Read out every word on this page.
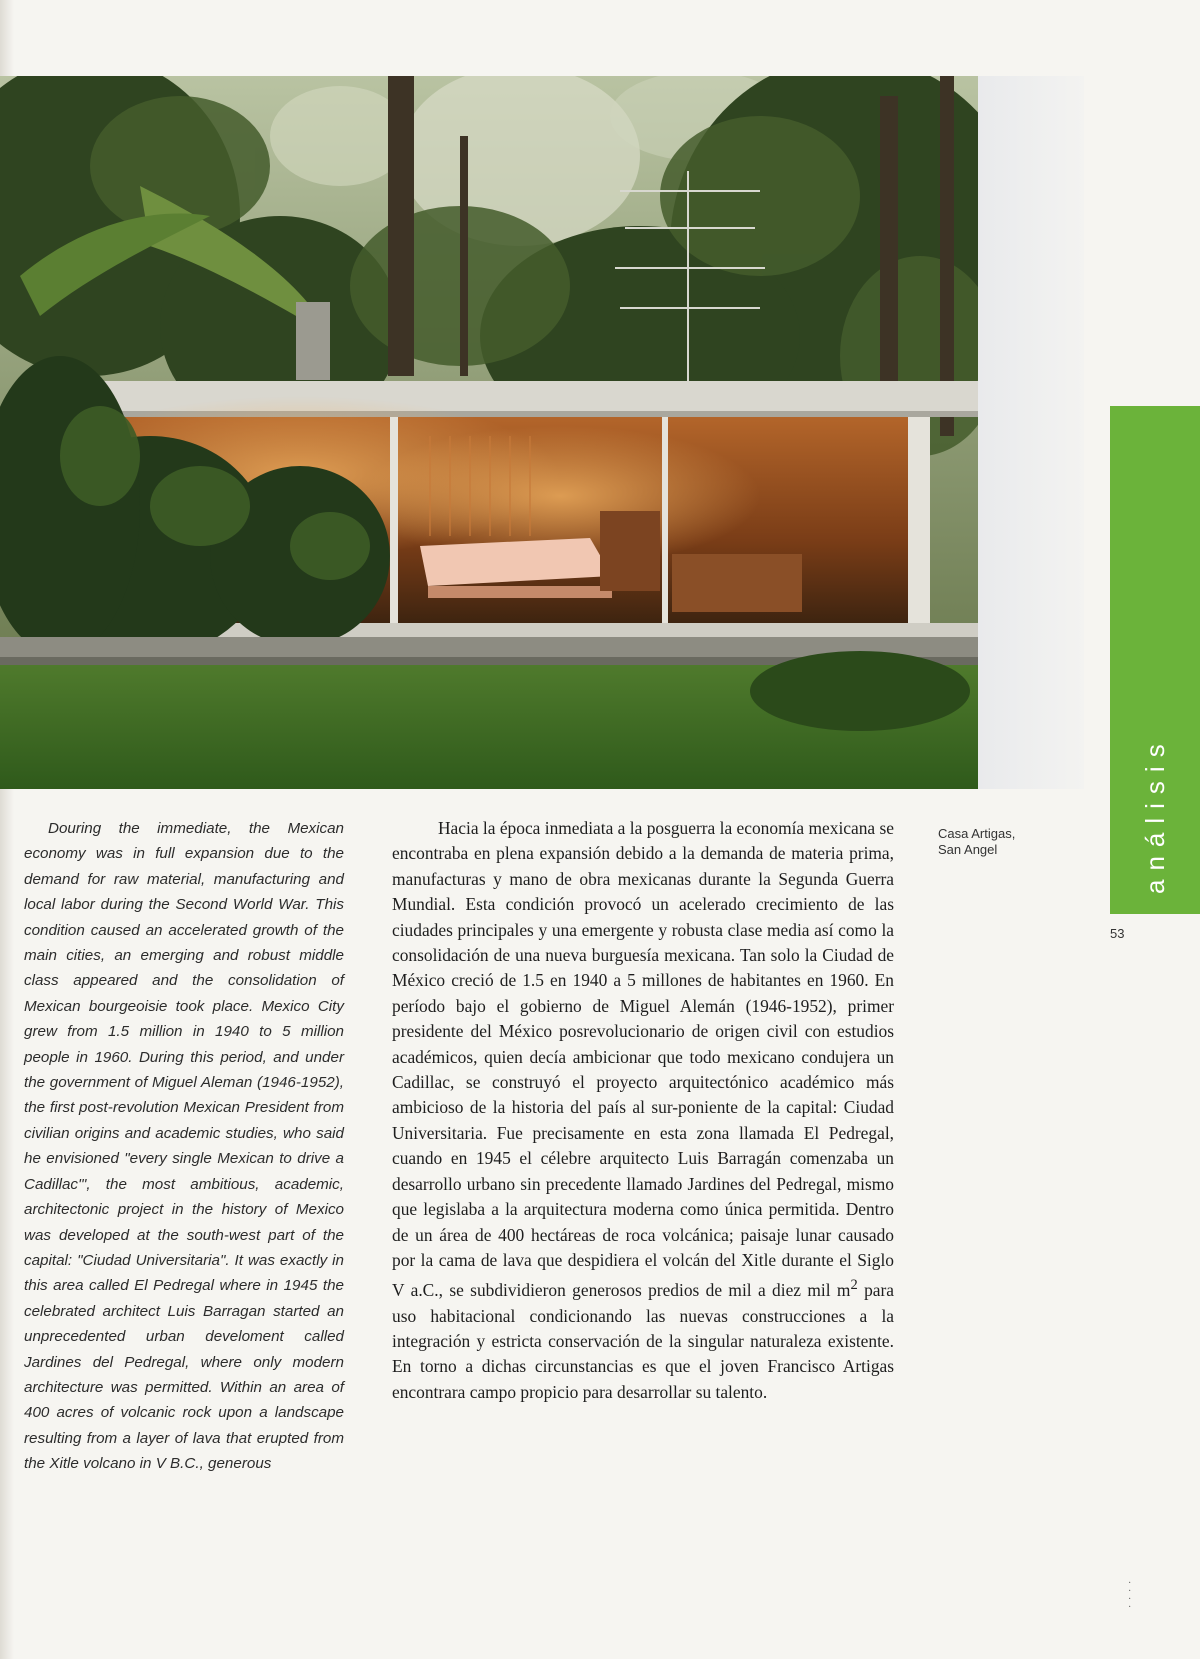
análisis
53
Casa Artigas,
San Angel

Douring the immediate, the Mexican economy was in full expansion due to the demand for raw material, manufacturing and local labor during the Second World War. This condition caused an accelerated growth of the main cities, an emerging and robust middle class appeared and the consolidation of Mexican bourgeoisie took place. Mexico City grew from 1.5 million in 1940 to 5 million people in 1960. During this period, and under the government of Miguel Aleman (1946-1952), the first post-revolution Mexican President from civilian origins and academic studies, who said he envisioned "every single Mexican to drive a Cadillac'", the most ambitious, academic, architectonic project in the history of Mexico was developed at the south-west part of the capital: "Ciudad Universitaria". It was exactly in this area called El Pedregal where in 1945 the celebrated architect Luis Barragan started an unprecedented urban develoment called Jardines del Pedregal, where only modern architecture was permitted. Within an area of 400 acres of volcanic rock upon a landscape resulting from a layer of lava that erupted from the Xitle volcano in V B.C., generous

Hacia la época inmediata a la posguerra la economía mexicana se encontraba en plena expansión debido a la demanda de materia prima, manufacturas y mano de obra mexicanas durante la Segunda Guerra Mundial. Esta condición provocó un acelerado crecimiento de las ciudades principales y una emergente y robusta clase media así como la consolidación de una nueva burguesía mexicana. Tan solo la Ciudad de México creció de 1.5 en 1940 a 5 millones de habitantes en 1960. En período bajo el gobierno de Miguel Alemán (1946-1952), primer presidente del México posrevolucionario de origen civil con estudios académicos, quien decía ambicionar que todo mexicano condujera un Cadillac, se construyó el proyecto arquitectónico académico más ambicioso de la historia del país al sur-poniente de la capital: Ciudad Universitaria. Fue precisamente en esta zona llamada El Pedregal, cuando en 1945 el célebre arquitecto Luis Barragán comenzaba un desarrollo urbano sin precedente llamado Jardines del Pedregal, mismo que legislaba a la arquitectura moderna como única permitida. Dentro de un área de 400 hectáreas de roca volcánica; paisaje lunar causado por la cama de lava que despidiera el volcán del Xitle durante el Siglo V a.C., se subdividieron generosos predios de mil a diez mil $m^2$ para uso habitacional condicionando las nuevas construcciones a la integración y estricta conservación de la singular naturaleza existente. En torno a dichas circunstancias es que el joven Francisco Artigas encontrara campo propicio para desarrollar su talento.

·
·
·
·
